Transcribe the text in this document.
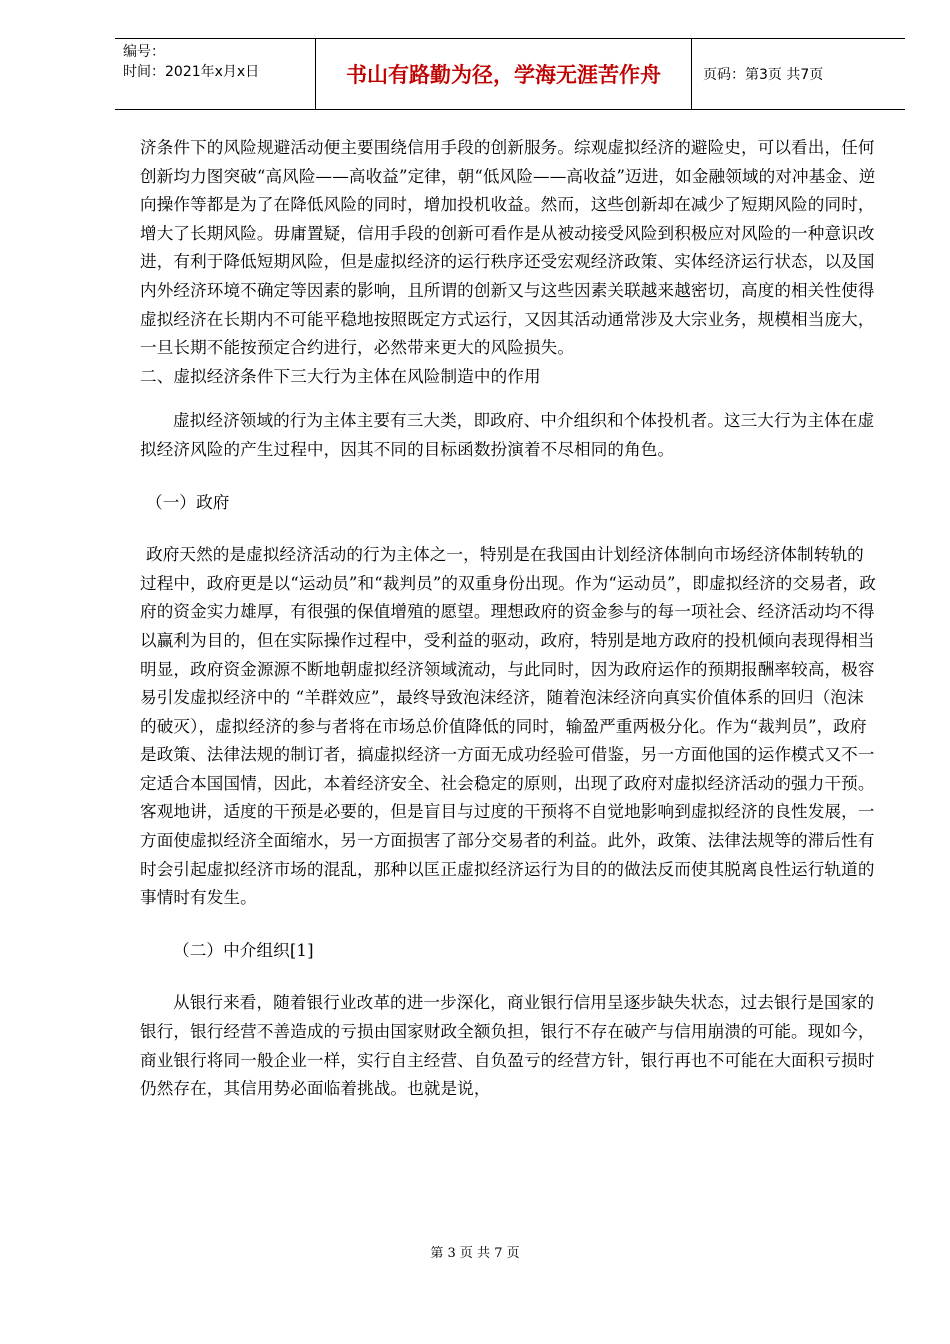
编号：
时间：2021年x月x日	书山有路勤为径，学海无涯苦作舟	页码：第3页 共7页

济条件下的风险规避活动便主要围绕信用手段的创新服务。综观虚拟经济的避险史，可以看出，任何创新均力图突破“高风险——高收益”定律，朝“低风险——高收益”迈进，如金融领域的对冲基金、逆向操作等都是为了在降低风险的同时，增加投机收益。然而，这些创新却在减少了短期风险的同时，增大了长期风险。毋庸置疑，信用手段的创新可看作是从被动接受风险到积极应对风险的一种意识改进，有利于降低短期风险，但是虚拟经济的运行秩序还受宏观经济政策、实体经济运行状态，以及国内外经济环境不确定等因素的影响，且所谓的创新又与这些因素关联越来越密切，高度的相关性使得虚拟经济在长期内不可能平稳地按照既定方式运行，又因其活动通常涉及大宗业务，规模相当庞大，一旦长期不能按预定合约进行，必然带来更大的风险损失。

二、虚拟经济条件下三大行为主体在风险制造中的作用

虚拟经济领域的行为主体主要有三大类，即政府、中介组织和个体投机者。这三大行为主体在虚拟经济风险的产生过程中，因其不同的目标函数扮演着不尽相同的角色。

（一）政府

政府天然的是虚拟经济活动的行为主体之一，特别是在我国由计划经济体制向市场经济体制转轨的过程中，政府更是以“运动员”和“裁判员”的双重身份出现。作为“运动员”，即虚拟经济的交易者，政府的资金实力雄厚，有很强的保值增殖的愿望。理想政府的资金参与的每一项社会、经济活动均不得以赢利为目的，但在实际操作过程中，受利益的驱动，政府，特别是地方政府的投机倾向表现得相当明显，政府资金源源不断地朝虚拟经济领域流动，与此同时，因为政府运作的预期报酬率较高，极容易引发虚拟经济中的 “羊群效应”，最终导致泡沫经济，随着泡沫经济向真实价值体系的回归（泡沫的破灭），虚拟经济的参与者将在市场总价值降低的同时，输盈严重两极分化。作为“裁判员”，政府是政策、法律法规的制订者，搞虚拟经济一方面无成功经验可借鉴，另一方面他国的运作模式又不一定适合本国国情，因此，本着经济安全、社会稳定的原则，出现了政府对虚拟经济活动的强力干预。客观地讲，适度的干预是必要的，但是盲目与过度的干预将不自觉地影响到虚拟经济的良性发展，一方面使虚拟经济全面缩水，另一方面损害了部分交易者的利益。此外，政策、法律法规等的滞后性有时会引起虚拟经济市场的混乱，那种以匡正虚拟经济运行为目的的做法反而使其脱离良性运行轨道的事情时有发生。

（二）中介组织[1]

从银行来看，随着银行业改革的进一步深化，商业银行信用呈逐步缺失状态，过去银行是国家的银行，银行经营不善造成的亏损由国家财政全额负担，银行不存在破产与信用崩溃的可能。现如今，商业银行将同一般企业一样，实行自主经营、自负盈亏的经营方针，银行再也不可能在大面积亏损时仍然存在，其信用势必面临着挑战。也就是说，

第 3 页 共 7 页
